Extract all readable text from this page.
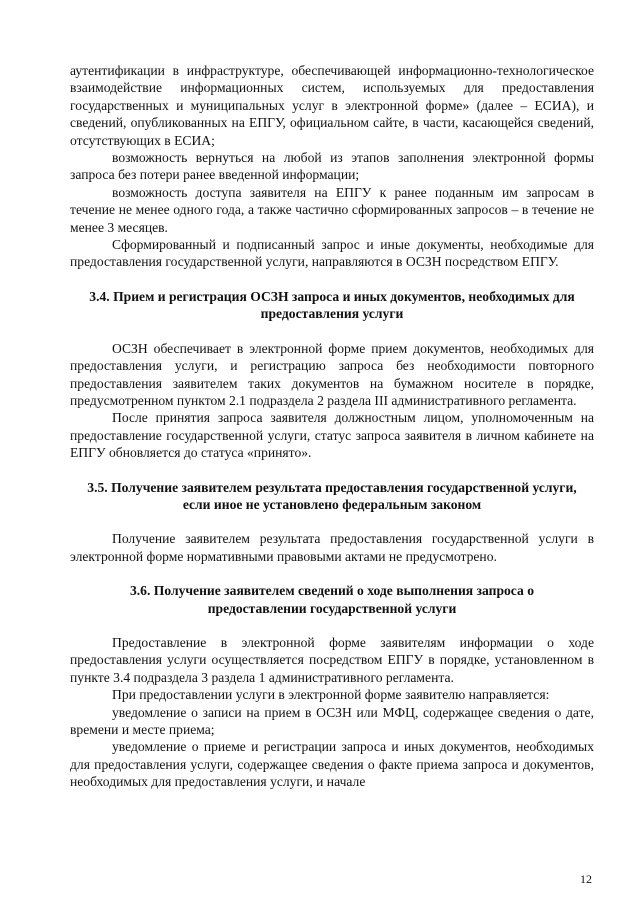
аутентификации в инфраструктуре, обеспечивающей информационно-технологическое взаимодействие информационных систем, используемых для предоставления государственных и муниципальных услуг в электронной форме» (далее – ЕСИА), и сведений, опубликованных на ЕПГУ, официальном сайте, в части, касающейся сведений, отсутствующих в ЕСИА;

возможность вернуться на любой из этапов заполнения электронной формы запроса без потери ранее введенной информации;

возможность доступа заявителя на ЕПГУ к ранее поданным им запросам в течение не менее одного года, а также частично сформированных запросов – в течение не менее 3 месяцев.

Сформированный и подписанный запрос и иные документы, необходимые для предоставления государственной услуги, направляются в ОСЗН посредством ЕПГУ.

3.4. Прием и регистрация ОСЗН запроса и иных документов, необходимых для предоставления услуги

ОСЗН обеспечивает в электронной форме прием документов, необходимых для предоставления услуги, и регистрацию запроса без необходимости повторного предоставления заявителем таких документов на бумажном носителе в порядке, предусмотренном пунктом 2.1 подраздела 2 раздела III административного регламента.

После принятия запроса заявителя должностным лицом, уполномоченным на предоставление государственной услуги, статус запроса заявителя в личном кабинете на ЕПГУ обновляется до статуса «принято».

3.5. Получение заявителем результата предоставления государственной услуги, если иное не установлено федеральным законом

Получение заявителем результата предоставления государственной услуги в электронной форме нормативными правовыми актами не предусмотрено.

3.6. Получение заявителем сведений о ходе выполнения запроса о предоставлении государственной услуги

Предоставление в электронной форме заявителям информации о ходе предоставления услуги осуществляется посредством ЕПГУ в порядке, установленном в пункте 3.4 подраздела 3 раздела 1 административного регламента.

При предоставлении услуги в электронной форме заявителю направляется:

уведомление о записи на прием в ОСЗН или МФЦ, содержащее сведения о дате, времени и месте приема;

уведомление о приеме и регистрации запроса и иных документов, необходимых для предоставления услуги, содержащее сведения о факте приема запроса и документов, необходимых для предоставления услуги, и начале

12
